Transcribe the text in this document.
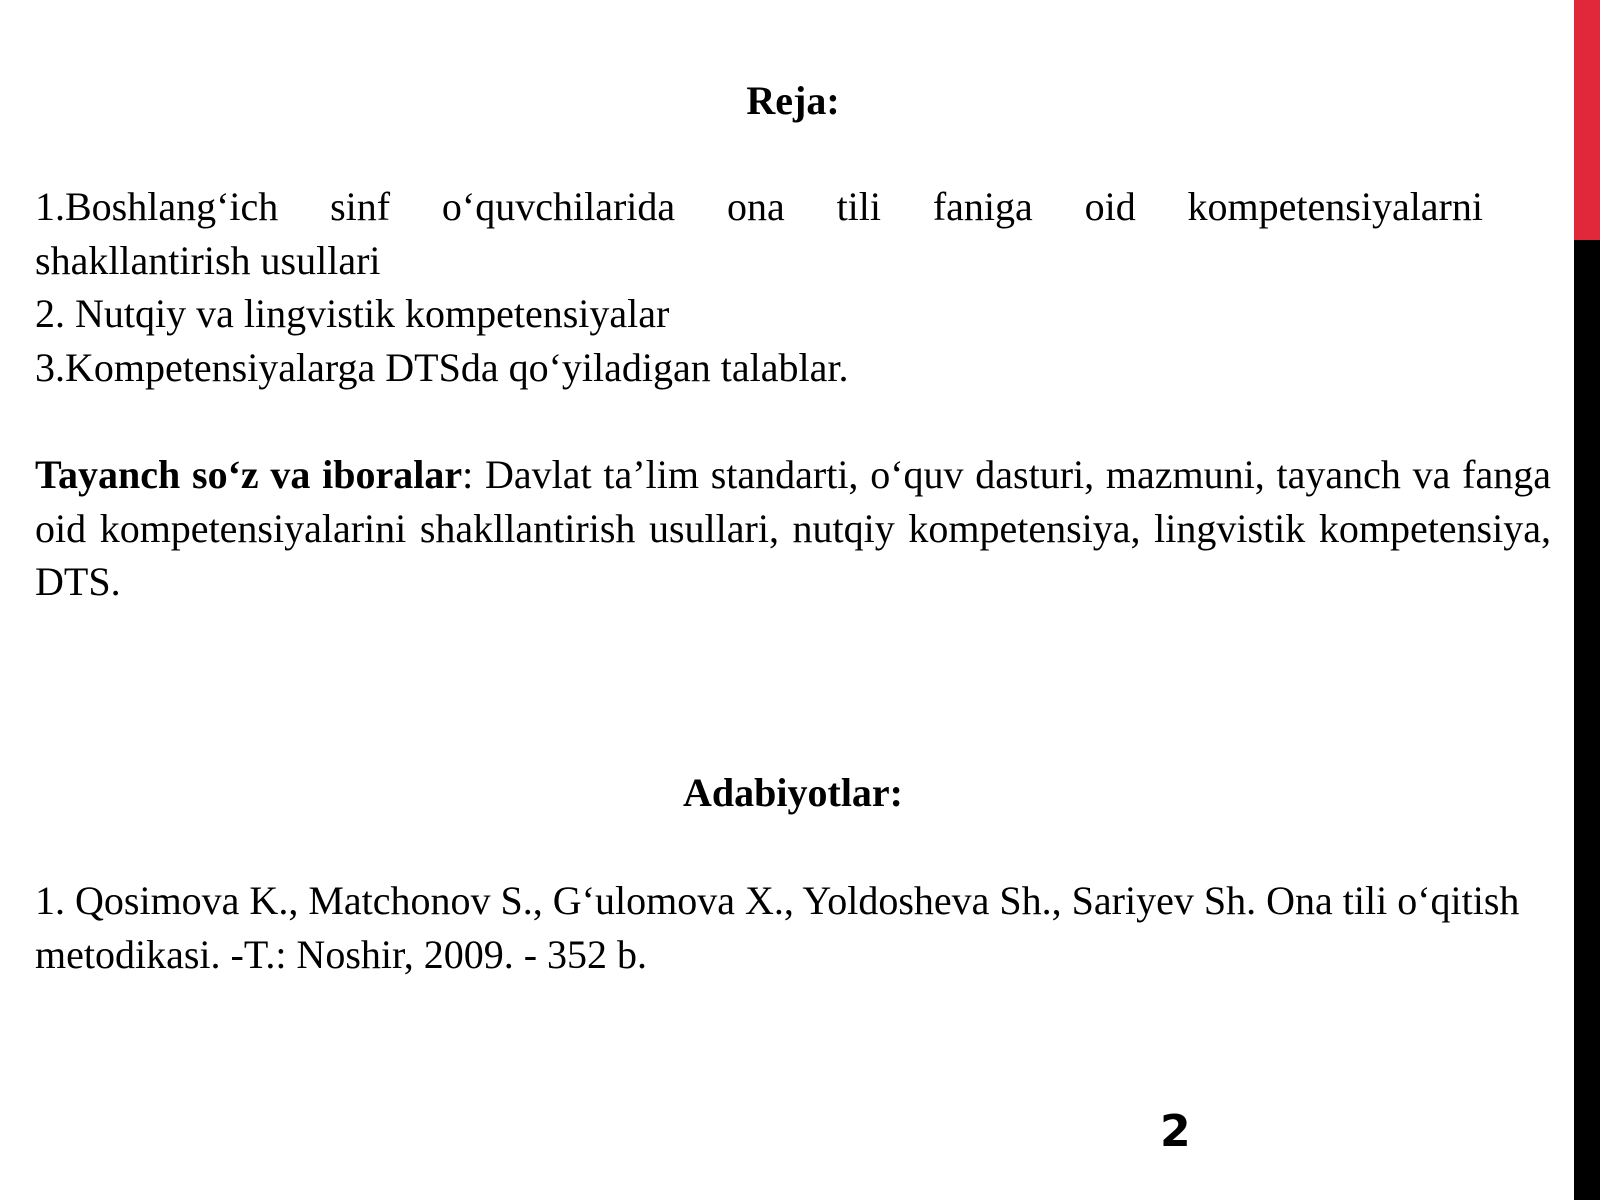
Reja:
1.Boshlang‘ich sinf o‘quvchilarida ona tili faniga oid kompetensiyalarni
shakllantirish usullari
2. Nutqiy va lingvistik kompetensiyalar
3.Kompetensiyalarga DTSda qo‘yiladigan talablar.
Tayanch so‘z va iboralar: Davlat ta’lim standarti, o‘quv dasturi, mazmuni, tayanch va fanga oid kompetensiyalarini shakllantirish usullari, nutqiy kompetensiya, lingvistik kompetensiya, DTS.
Adabiyotlar:
1. Qosimova K., Matchonov S., G‘ulomova X., Yoldosheva Sh., Sariyev Sh. Ona tili o‘qitish metodikasi. -T.: Noshir, 2009. - 352 b.
2
